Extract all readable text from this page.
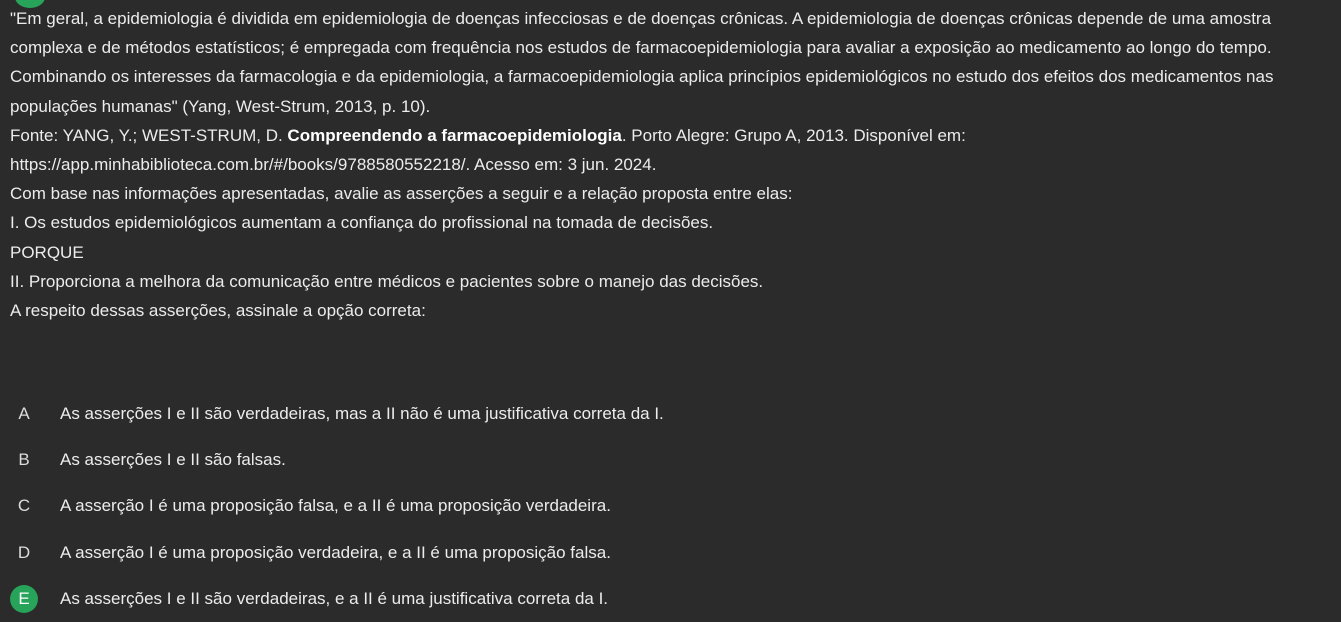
"Em geral, a epidemiologia é dividida em epidemiologia de doenças infecciosas e de doenças crônicas. A epidemiologia de doenças crônicas depende de uma amostra complexa e de métodos estatísticos; é empregada com frequência nos estudos de farmacoepidemiologia para avaliar a exposição ao medicamento ao longo do tempo. Combinando os interesses da farmacologia e da epidemiologia, a farmacoepidemiologia aplica princípios epidemiológicos no estudo dos efeitos dos medicamentos nas populações humanas" (Yang, West-Strum, 2013, p. 10).

Fonte: YANG, Y.; WEST-STRUM, D. Compreendendo a farmacoepidemiologia. Porto Alegre: Grupo A, 2013. Disponível em:

https://app.minhabiblioteca.com.br/#/books/9788580552218/. Acesso em: 3 jun. 2024.

Com base nas informações apresentadas, avalie as asserções a seguir e a relação proposta entre elas:

I. Os estudos epidemiológicos aumentam a confiança do profissional na tomada de decisões.

PORQUE

II. Proporciona a melhora da comunicação entre médicos e pacientes sobre o manejo das decisões.

A respeito dessas asserções, assinale a opção correta:

A	As asserções I e II são verdadeiras, mas a II não é uma justificativa correta da I.
B	As asserções I e II são falsas.
C	A asserção I é uma proposição falsa, e a II é uma proposição verdadeira.
D	A asserção I é uma proposição verdadeira, e a II é uma proposição falsa.
E	As asserções I e II são verdadeiras, e a II é uma justificativa correta da I.
